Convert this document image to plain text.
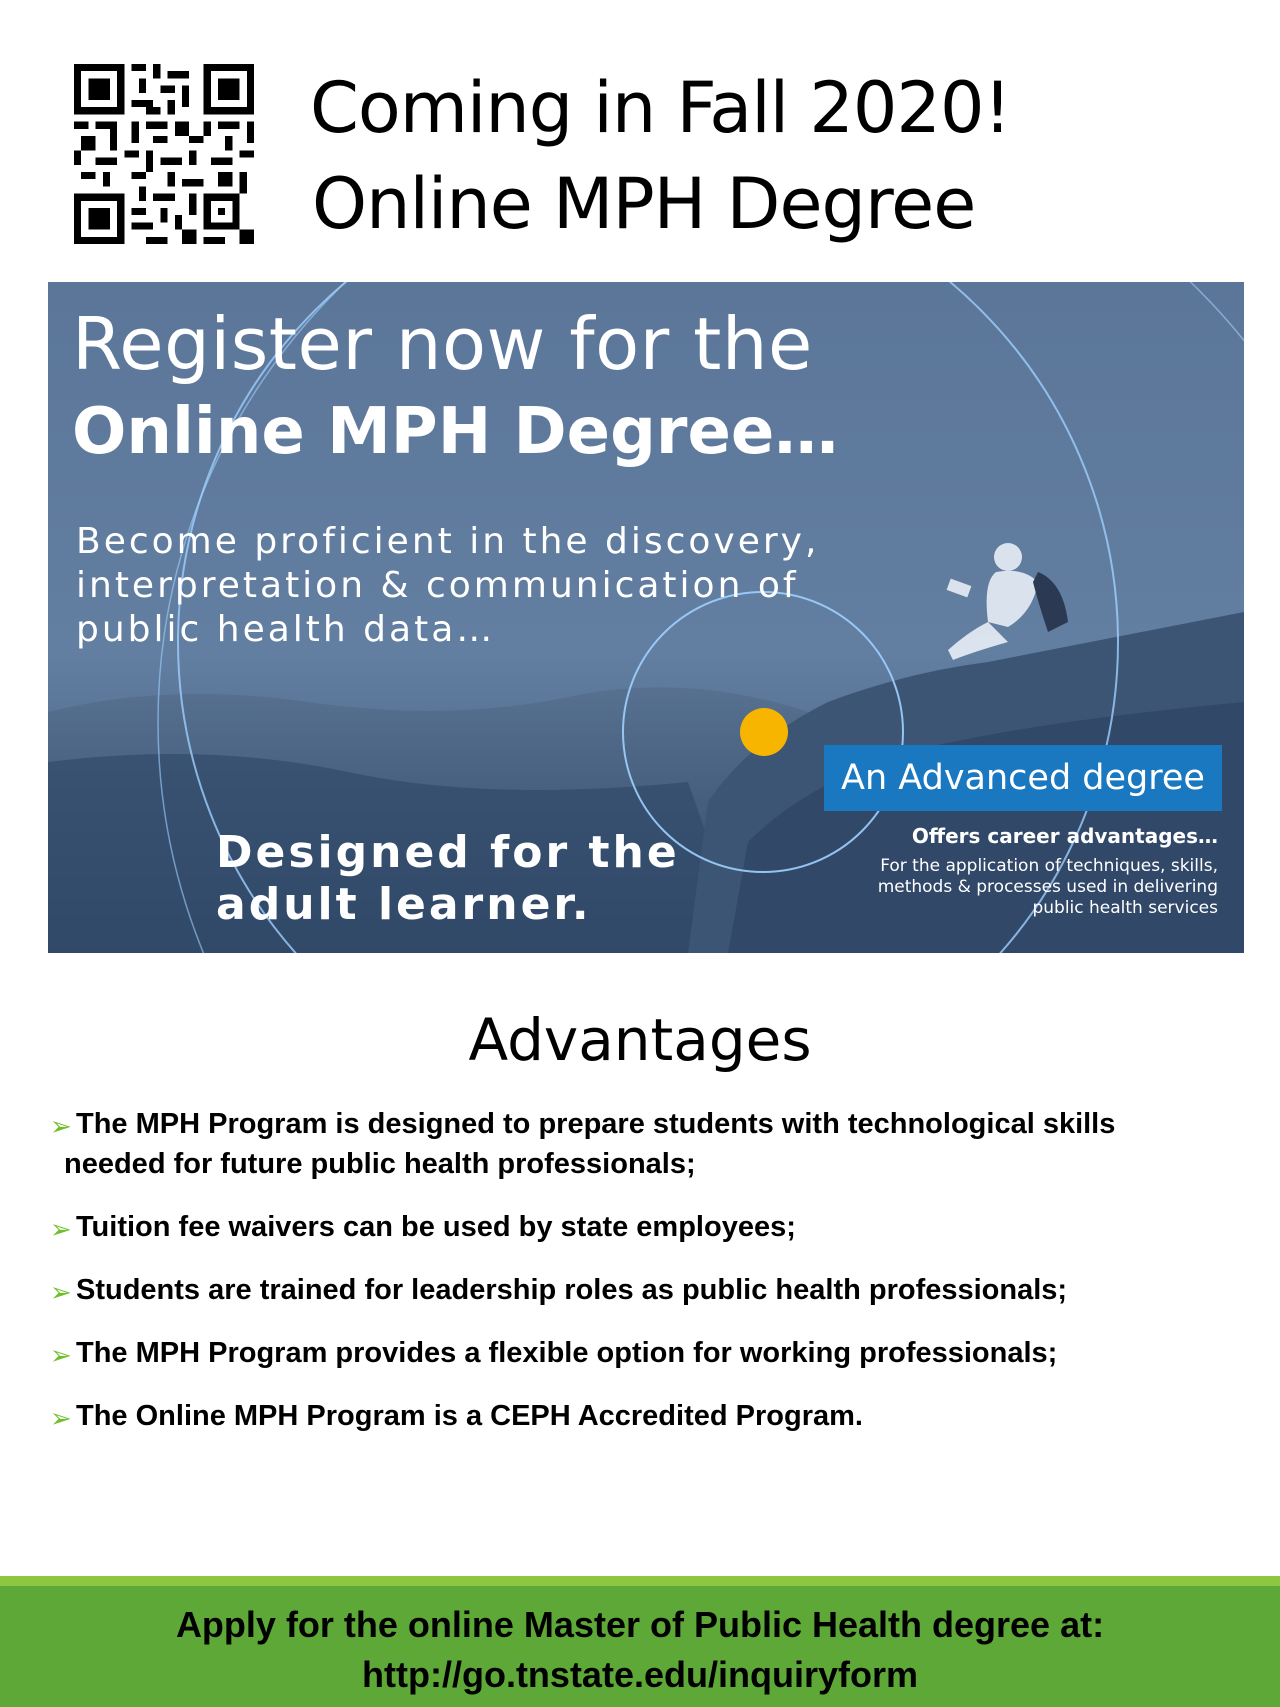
Coming in Fall 2020!
Online MPH Degree
Register now for the
Online MPH Degree…
Become proficient in the discovery,
interpretation & communication of
public health data…
Designed for the
adult learner.
An Advanced degree
Offers career advantages…
For the application of techniques, skills, methods & processes used in delivering public health services
Advantages
➢ The MPH Program is designed to prepare students with technological skills
needed for future public health professionals;
➢ Tuition fee waivers can be used by state employees;
➢ Students are trained for leadership roles as public health professionals;
➢ The MPH Program provides a flexible option for working professionals;
➢ The Online MPH Program is a CEPH Accredited Program.
Apply for the online Master of Public Health degree at:
http://go.tnstate.edu/inquiryform
